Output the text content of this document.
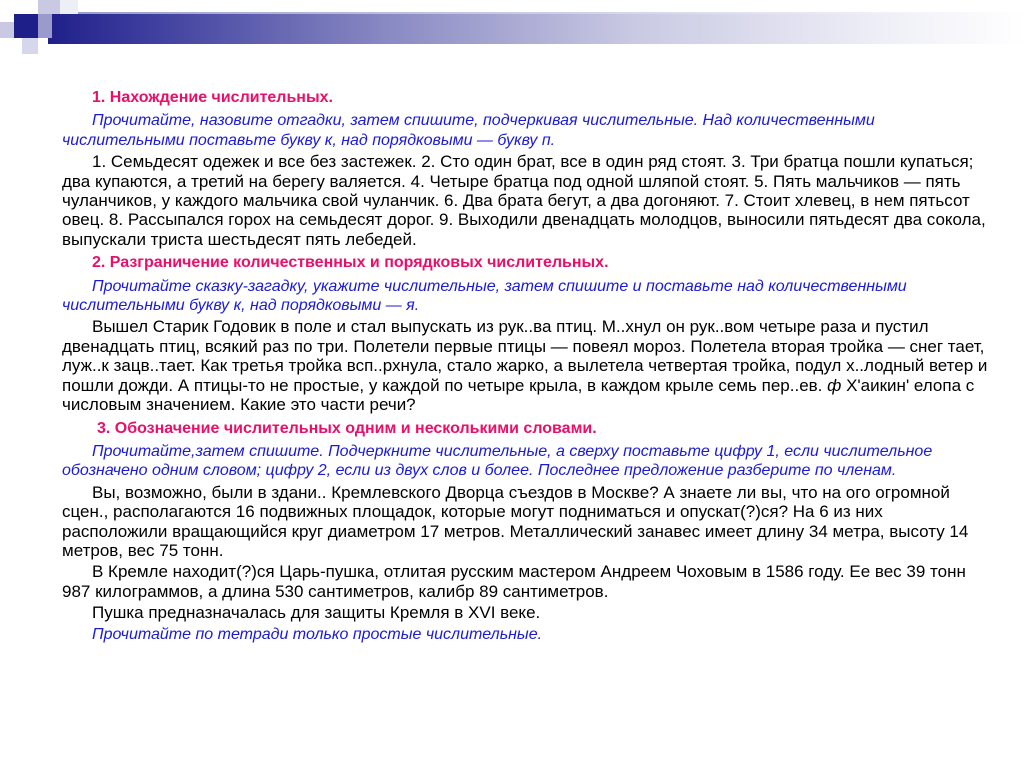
1. Нахождение числительных.

Прочитайте, назовите отгадки, затем спишите, подчеркивая числительные. Над количественными числительными поставьте букву к, над порядковыми — букву п.

1. Семьдесят одежек и все без застежек. 2. Сто один брат, все в один ряд стоят. 3. Три братца пошли купаться; два купаются, а третий на берегу валяется. 4. Четыре братца под одной шляпой стоят. 5. Пять мальчиков — пять чуланчиков, у каждого мальчика свой чуланчик. 6. Два брата бегут, а два догоняют. 7. Стоит хлевец, в нем пятьсот овец. 8. Рассыпался горох на семьдесят дорог. 9. Выходили двенадцать молодцов, выносили пятьдесят два сокола, выпускали триста шестьдесят пять лебедей.

2. Разграничение количественных и порядковых числительных.

Прочитайте сказку-загадку, укажите числительные, затем спишите и поставьте над количественными числительными букву к, над порядковыми — я.

Вышел Старик Годовик в поле и стал выпускать из рук..ва птиц. М..хнул он рук..вом четыре раза и пустил двенадцать птиц, всякий раз по три. Полетели первые птицы — повеял мороз. Полетела вторая тройка — снег тает, луж..к зацв..тает. Как третья тройка всп..рхнула, стало жарко, а вылетела четвертая тройка, подул х..лодный ветер и пошли дожди. А птицы-то не простые, у каждой по четыре крыла, в каждом крыле семь пер..ев. ф X'аикин' елопа с числовым значением. Какие это части речи?

3. Обозначение числительных одним и несколькими словами.

Прочитайте,затем спишите. Подчеркните числительные, а сверху поставьте цифру 1, если числительное обозначено одним словом; цифру 2, если из двух слов и более. Последнее предложение разберите по членам.

Вы, возможно, были в здани.. Кремлевского Дворца съездов в Москве? А знаете ли вы, что на ого огромной сцен., располагаются 16 подвижных площадок, которые могут подниматься и опускат(?)ся? На 6 из них расположили вращающийся круг диаметром 17 метров. Металлический занавес имеет длину 34 метра, высоту 14 метров, вес 75 тонн.

В Кремле находит(?)ся Царь-пушка, отлитая русским мастером Андреем Чоховым в 1586 году. Ее вес 39 тонн 987 килограммов, а длина 530 сантиметров, калибр 89 сантиметров.

Пушка предназначалась для защиты Кремля в XVI веке.

Прочитайте по тетради только простые числительные.
